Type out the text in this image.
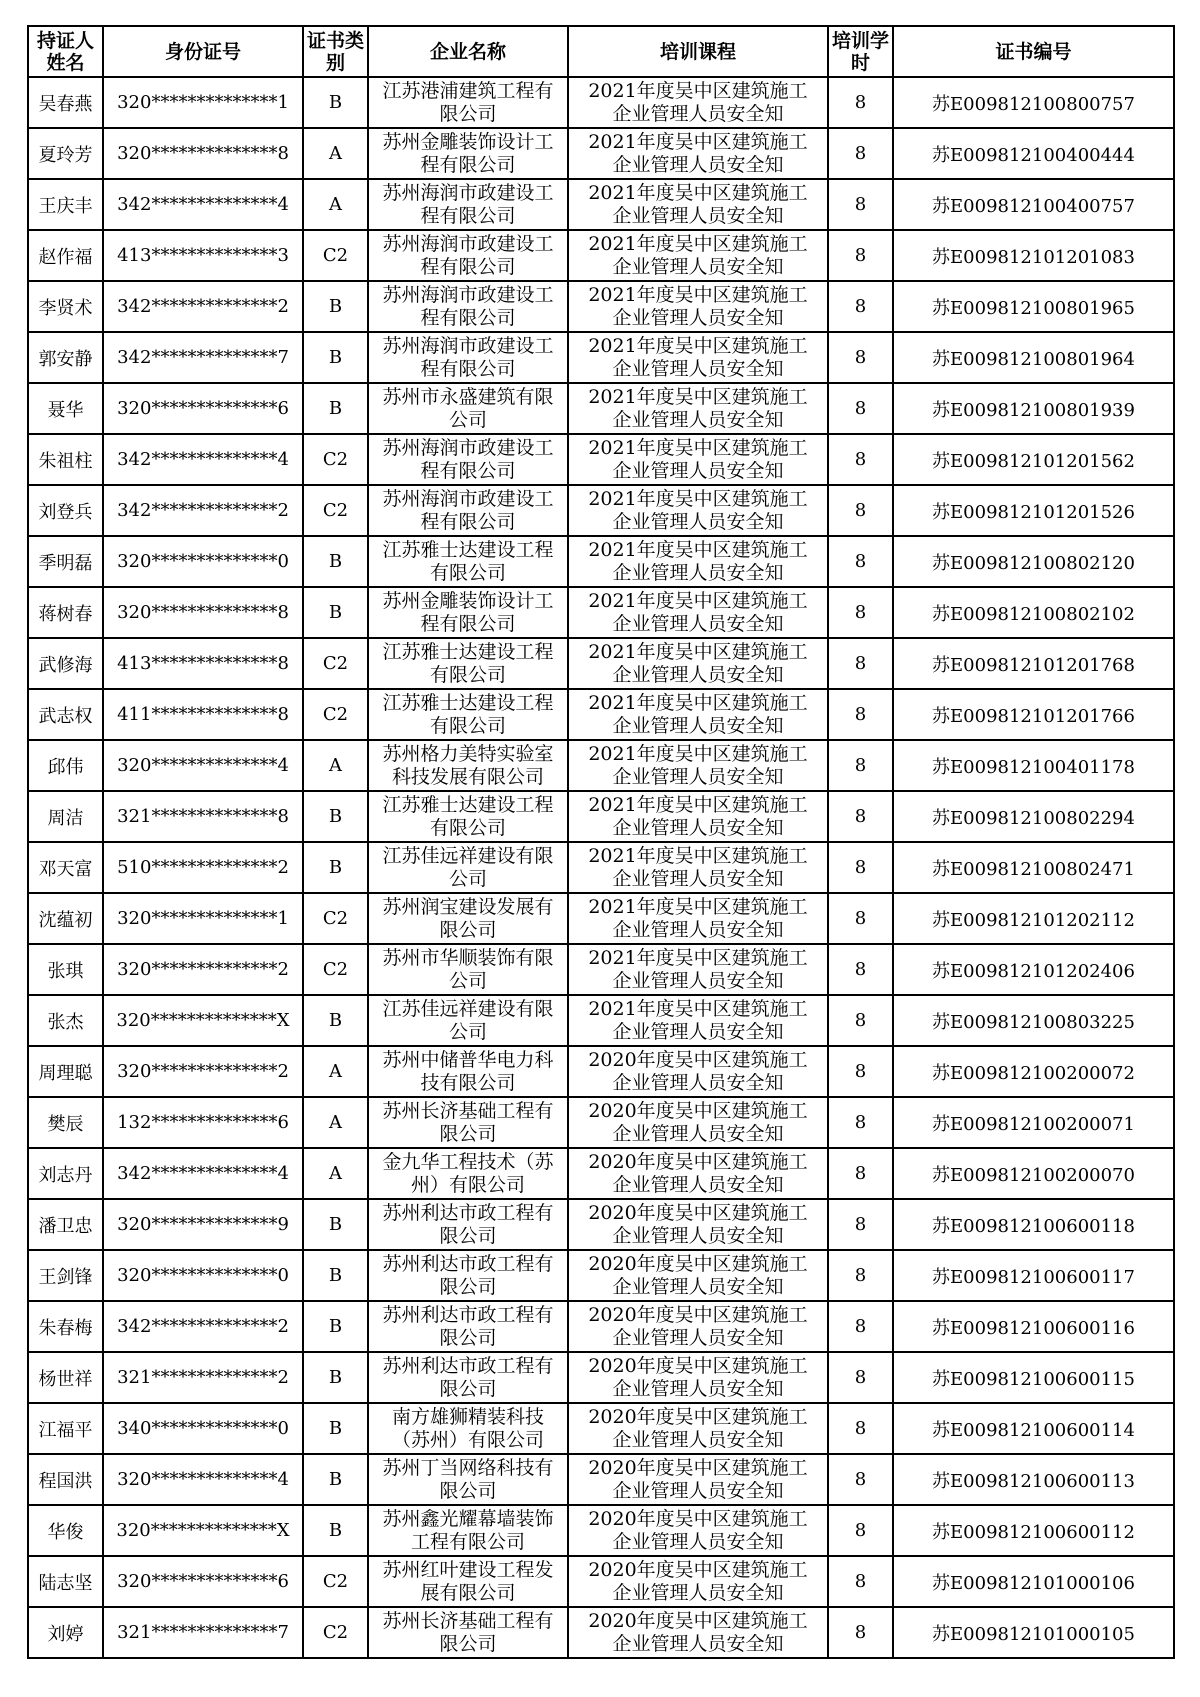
持证人姓名	身份证号	证书类别	企业名称	培训课程	培训学时	证书编号
吴春燕	320**************1	B	江苏港浦建筑工程有限公司	2021年度吴中区建筑施工企业管理人员安全知	8	苏E009812100800757
夏玲芳	320**************8	A	苏州金雕装饰设计工程有限公司	2021年度吴中区建筑施工企业管理人员安全知	8	苏E009812100400444
王庆丰	342**************4	A	苏州海润市政建设工程有限公司	2021年度吴中区建筑施工企业管理人员安全知	8	苏E009812100400757
赵作福	413**************3	C2	苏州海润市政建设工程有限公司	2021年度吴中区建筑施工企业管理人员安全知	8	苏E009812101201083
李贤术	342**************2	B	苏州海润市政建设工程有限公司	2021年度吴中区建筑施工企业管理人员安全知	8	苏E009812100801965
郭安静	342**************7	B	苏州海润市政建设工程有限公司	2021年度吴中区建筑施工企业管理人员安全知	8	苏E009812100801964
聂华	320**************6	B	苏州市永盛建筑有限公司	2021年度吴中区建筑施工企业管理人员安全知	8	苏E009812100801939
朱祖柱	342**************4	C2	苏州海润市政建设工程有限公司	2021年度吴中区建筑施工企业管理人员安全知	8	苏E009812101201562
刘登兵	342**************2	C2	苏州海润市政建设工程有限公司	2021年度吴中区建筑施工企业管理人员安全知	8	苏E009812101201526
季明磊	320**************0	B	江苏雅士达建设工程有限公司	2021年度吴中区建筑施工企业管理人员安全知	8	苏E009812100802120
蒋树春	320**************8	B	苏州金雕装饰设计工程有限公司	2021年度吴中区建筑施工企业管理人员安全知	8	苏E009812100802102
武修海	413**************8	C2	江苏雅士达建设工程有限公司	2021年度吴中区建筑施工企业管理人员安全知	8	苏E009812101201768
武志权	411**************8	C2	江苏雅士达建设工程有限公司	2021年度吴中区建筑施工企业管理人员安全知	8	苏E009812101201766
邱伟	320**************4	A	苏州格力美特实验室科技发展有限公司	2021年度吴中区建筑施工企业管理人员安全知	8	苏E009812100401178
周洁	321**************8	B	江苏雅士达建设工程有限公司	2021年度吴中区建筑施工企业管理人员安全知	8	苏E009812100802294
邓天富	510**************2	B	江苏佳远祥建设有限公司	2021年度吴中区建筑施工企业管理人员安全知	8	苏E009812100802471
沈蕴初	320**************1	C2	苏州润宝建设发展有限公司	2021年度吴中区建筑施工企业管理人员安全知	8	苏E009812101202112
张琪	320**************2	C2	苏州市华顺装饰有限公司	2021年度吴中区建筑施工企业管理人员安全知	8	苏E009812101202406
张杰	320**************X	B	江苏佳远祥建设有限公司	2021年度吴中区建筑施工企业管理人员安全知	8	苏E009812100803225
周理聪	320**************2	A	苏州中储普华电力科技有限公司	2020年度吴中区建筑施工企业管理人员安全知	8	苏E009812100200072
樊辰	132**************6	A	苏州长济基础工程有限公司	2020年度吴中区建筑施工企业管理人员安全知	8	苏E009812100200071
刘志丹	342**************4	A	金九华工程技术（苏州）有限公司	2020年度吴中区建筑施工企业管理人员安全知	8	苏E009812100200070
潘卫忠	320**************9	B	苏州利达市政工程有限公司	2020年度吴中区建筑施工企业管理人员安全知	8	苏E009812100600118
王剑锋	320**************0	B	苏州利达市政工程有限公司	2020年度吴中区建筑施工企业管理人员安全知	8	苏E009812100600117
朱春梅	342**************2	B	苏州利达市政工程有限公司	2020年度吴中区建筑施工企业管理人员安全知	8	苏E009812100600116
杨世祥	321**************2	B	苏州利达市政工程有限公司	2020年度吴中区建筑施工企业管理人员安全知	8	苏E009812100600115
江福平	340**************0	B	南方雄狮精装科技（苏州）有限公司	2020年度吴中区建筑施工企业管理人员安全知	8	苏E009812100600114
程国洪	320**************4	B	苏州丁当网络科技有限公司	2020年度吴中区建筑施工企业管理人员安全知	8	苏E009812100600113
华俊	320**************X	B	苏州鑫光耀幕墙装饰工程有限公司	2020年度吴中区建筑施工企业管理人员安全知	8	苏E009812100600112
陆志坚	320**************6	C2	苏州红叶建设工程发展有限公司	2020年度吴中区建筑施工企业管理人员安全知	8	苏E009812101000106
刘婷	321**************7	C2	苏州长济基础工程有限公司	2020年度吴中区建筑施工企业管理人员安全知	8	苏E009812101000105
